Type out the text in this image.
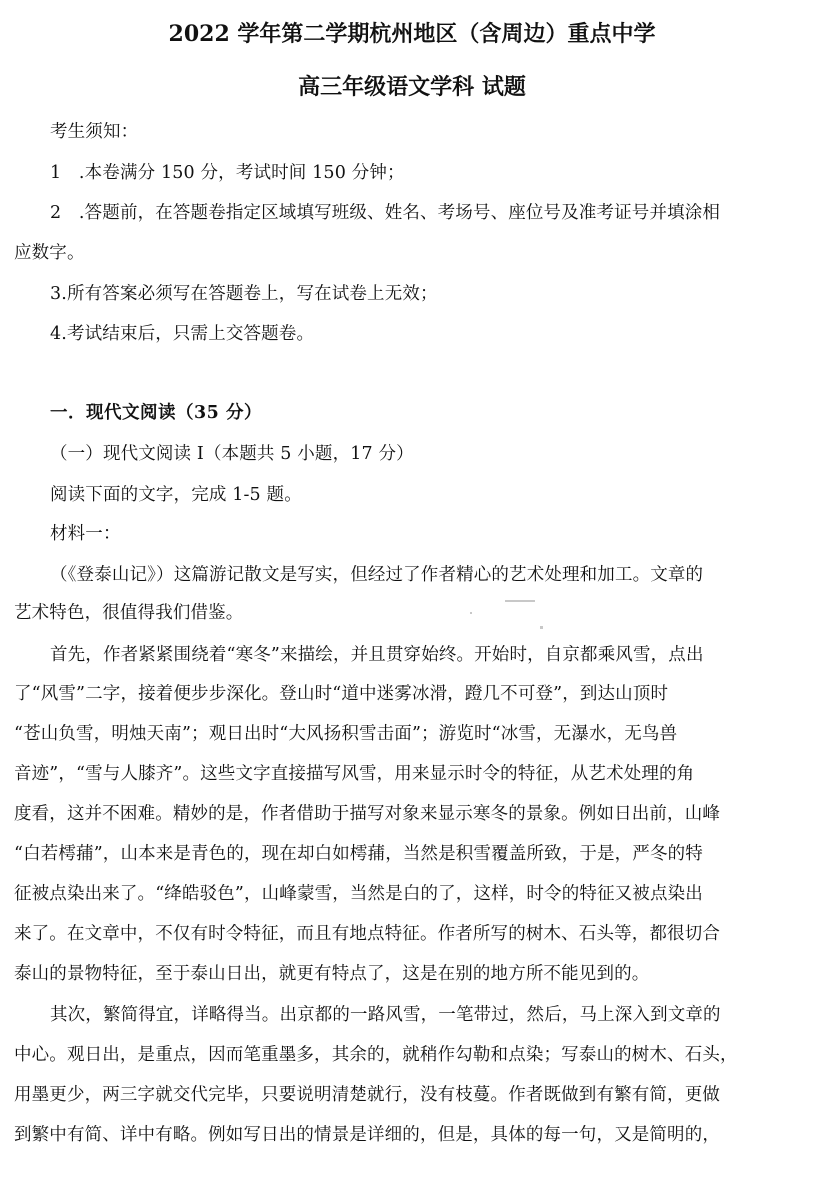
2022 学年第二学期杭州地区（含周边）重点中学
高三年级语文学科 试题

考生须知：

1　.本卷满分 150 分，考试时间 150 分钟；

2　.答题前，在答题卷指定区域填写班级、姓名、考场号、座位号及准考证号并填涂相

应数字。

3.所有答案必须写在答题卷上，写在试卷上无效；

4.考试结束后，只需上交答题卷。

一．现代文阅读（35 分）

（一）现代文阅读 I（本题共 5 小题，17 分）

阅读下面的文字，完成 1-5 题。

材料一：

（《登泰山记》）这篇游记散文是写实，但经过了作者精心的艺术处理和加工。文章的

艺术特色，很值得我们借鉴。

首先，作者紧紧围绕着“寒冬”来描绘，并且贯穿始终。开始时，自京都乘风雪，点出

了“风雪”二字，接着便步步深化。登山时“道中迷雾冰滑，蹬几不可登”，到达山顶时

“苍山负雪，明烛天南”；观日出时“大风扬积雪击面”；游览时“冰雪，无瀑水，无鸟兽

音迹”，“雪与人膝齐”。这些文字直接描写风雪，用来显示时令的特征，从艺术处理的角

度看，这并不困难。精妙的是，作者借助于描写对象来显示寒冬的景象。例如日出前，山峰

“白若樗蒱”，山本来是青色的，现在却白如樗蒱，当然是积雪覆盖所致，于是，严冬的特

征被点染出来了。“绛皓驳色”，山峰蒙雪，当然是白的了，这样，时令的特征又被点染出

来了。在文章中，不仅有时令特征，而且有地点特征。作者所写的树木、石头等，都很切合

泰山的景物特征，至于泰山日出，就更有特点了，这是在别的地方所不能见到的。

其次，繁简得宜，详略得当。出京都的一路风雪，一笔带过，然后，马上深入到文章的

中心。观日出，是重点，因而笔重墨多，其余的，就稍作勾勒和点染；写泰山的树木、石头，

用墨更少，两三字就交代完毕，只要说明清楚就行，没有枝蔓。作者既做到有繁有简，更做

到繁中有简、详中有略。例如写日出的情景是详细的，但是，具体的每一句，又是简明的，
